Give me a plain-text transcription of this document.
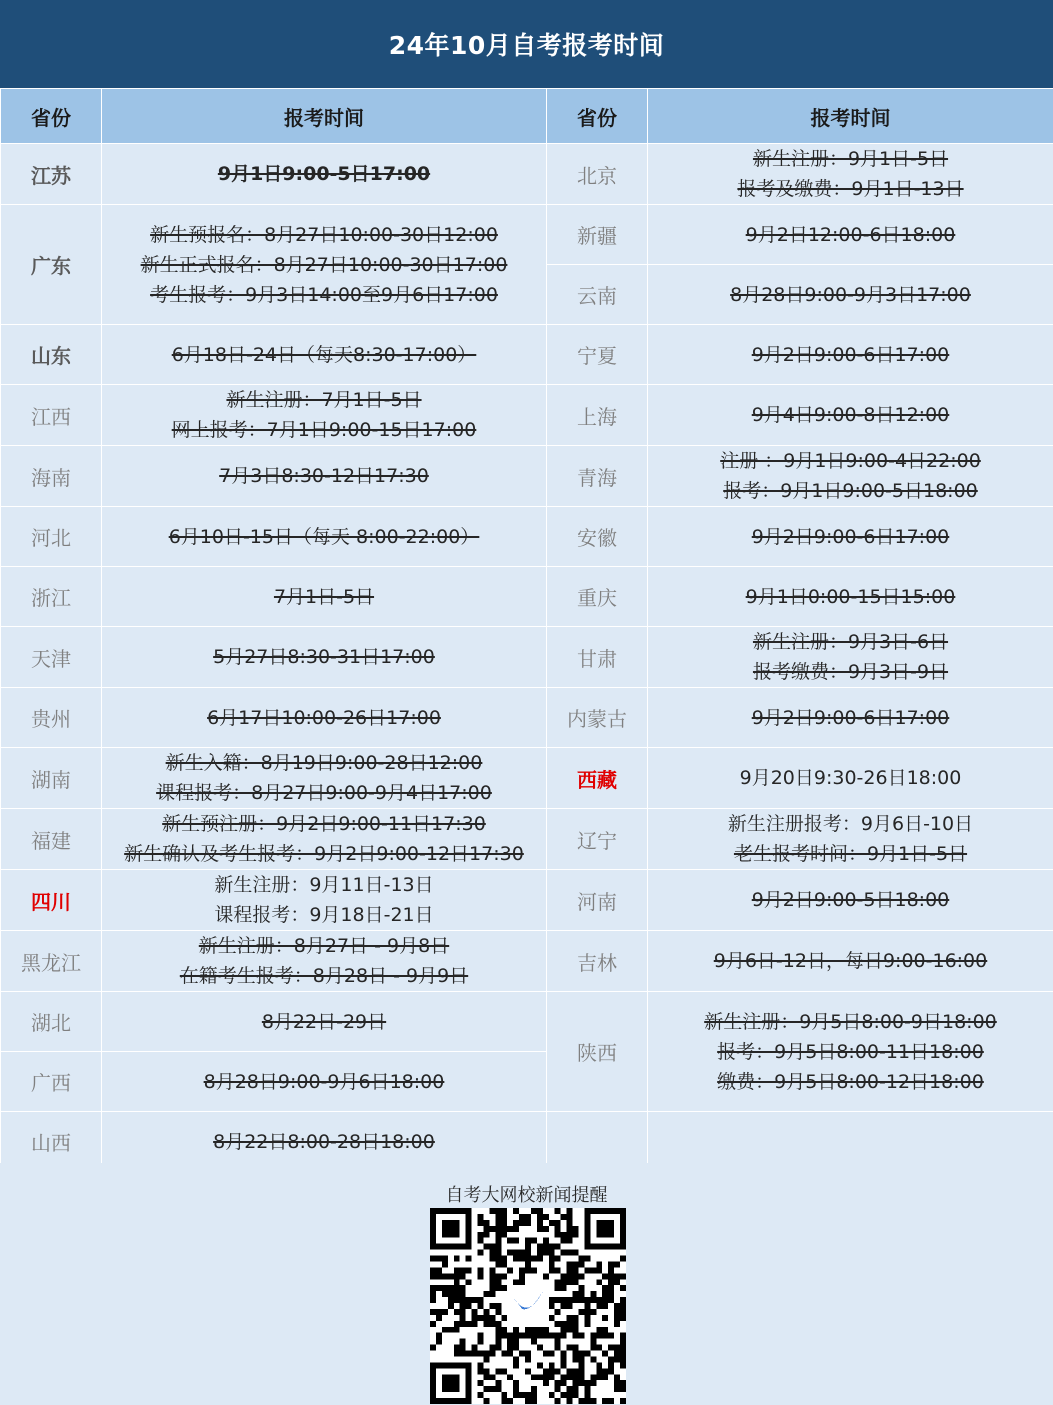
24年10月自考报考时间
省份	报考时间	省份	报考时间
江苏	9月1日9:00-5日17:00	北京	新生注册：9月1日-5日
报考及缴费：9月1日-13日

广东	新生预报名：8月27日10:00-30日12:00
新生正式报名：8月27日10:00-30日17:00
考生报考：9月3日14:00至9月6日17:00	新疆	9月2日12:00-6日18:00

		云南	8月28日9:00-9月3日17:00

山东	6月18日-24日（每天8:30-17:00）	宁夏	9月2日9:00-6日17:00

江西	新生注册：7月1日-5日
网上报考：7月1日9:00-15日17:00	上海	9月4日9:00-8日12:00

海南	7月3日8:30-12日17:30	青海	注册 ：9月1日9:00-4日22:00
报考：9月1日9:00-5日18:00

河北	6月10日-15日（每天 8:00-22:00）	安徽	9月2日9:00-6日17:00

浙江	7月1日-5日	重庆	9月1日0:00-15日15:00

天津	5月27日8:30-31日17:00	甘肃	新生注册：9月3日-6日
报考缴费：9月3日-9日

贵州	6月17日10:00-26日17:00	内蒙古	9月2日9:00-6日17:00

湖南	新生入籍：8月19日9:00-28日12:00
课程报考：8月27日9:00-9月4日17:00	西藏	9月20日9:30-26日18:00

福建	新生预注册：9月2日9:00-11日17:30
新生确认及考生报考：9月2日9:00-12日17:30	辽宁	新生注册报考：9月6日-10日
老生报考时间：9月1日-5日

四川	新生注册：9月11日-13日
课程报考：9月18日-21日	河南	9月2日9:00-5日18:00

黑龙江	新生注册：8月27日 - 9月8日
在籍考生报考：8月28日 - 9月9日	吉林	9月6日-12日，每日9:00-16:00

湖北	8月22日-29日	陕西	新生注册：9月5日8:00-9日18:00
报考：9月5日8:00-11日18:00
缴费：9月5日8:00-12日18:00

广西	8月28日9:00-9月6日18:00		

山西	8月22日8:00-28日18:00		

自考大网校新闻提醒
